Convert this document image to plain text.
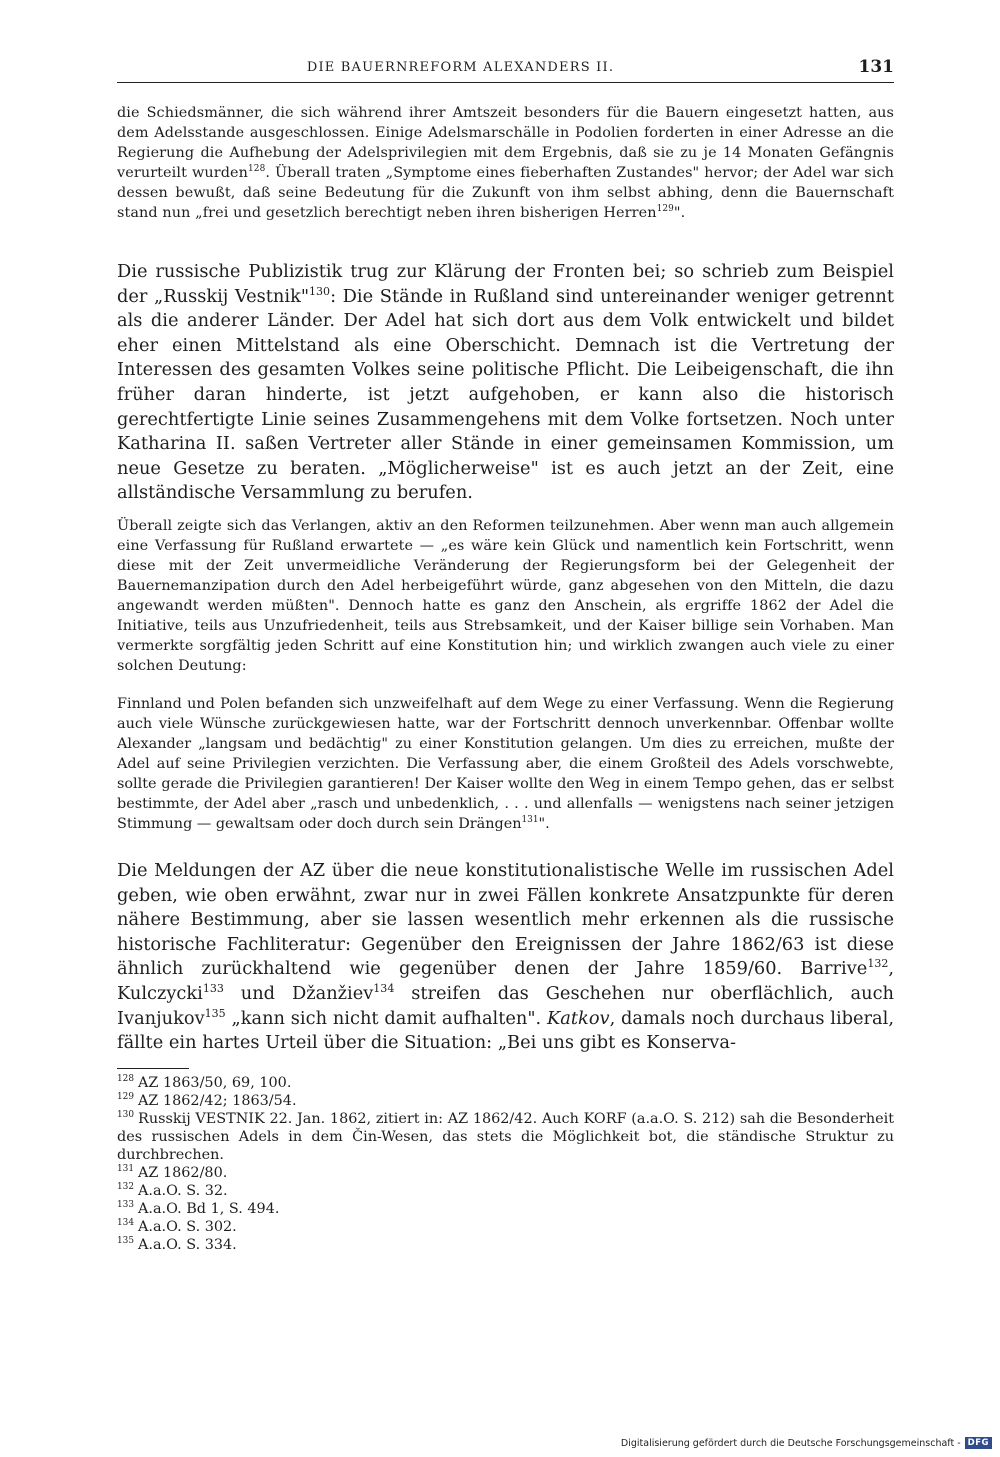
DIE BAUERNREFORM ALEXANDERS II.	131

die Schiedsmänner, die sich während ihrer Amtszeit besonders für die Bauern eingesetzt hatten, aus dem Adelsstande ausgeschlossen. Einige Adelsmarschälle in Podolien forderten in einer Adresse an die Regierung die Aufhebung der Adelsprivilegien mit dem Ergebnis, daß sie zu je 14 Monaten Gefängnis verurteilt wurden$^{128}$. Überall traten „Symptome eines fieberhaften Zustandes" hervor; der Adel war sich dessen bewußt, daß seine Bedeutung für die Zukunft von ihm selbst abhing, denn die Bauernschaft stand nun „frei und gesetzlich berechtigt neben ihren bisherigen Herren$^{129}$".

Die russische Publizistik trug zur Klärung der Fronten bei; so schrieb zum Beispiel der „Russkij Vestnik"$^{130}$: Die Stände in Rußland sind untereinander weniger getrennt als die anderer Länder. Der Adel hat sich dort aus dem Volk entwickelt und bildet eher einen Mittelstand als eine Oberschicht. Demnach ist die Vertretung der Interessen des gesamten Volkes seine politische Pflicht. Die Leibeigenschaft, die ihn früher daran hinderte, ist jetzt aufgehoben, er kann also die historisch gerechtfertigte Linie seines Zusammengehens mit dem Volke fortsetzen. Noch unter Katharina II. saßen Vertreter aller Stände in einer gemeinsamen Kommission, um neue Gesetze zu beraten. „Möglicherweise" ist es auch jetzt an der Zeit, eine allständische Versammlung zu berufen.

Überall zeigte sich das Verlangen, aktiv an den Reformen teilzunehmen. Aber wenn man auch allgemein eine Verfassung für Rußland erwartete — „es wäre kein Glück und namentlich kein Fortschritt, wenn diese mit der Zeit unvermeidliche Veränderung der Regierungsform bei der Gelegenheit der Bauernemanzipation durch den Adel herbeigeführt würde, ganz abgesehen von den Mitteln, die dazu angewandt werden müßten". Dennoch hatte es ganz den Anschein, als ergriffe 1862 der Adel die Initiative, teils aus Unzufriedenheit, teils aus Strebsamkeit, und der Kaiser billige sein Vorhaben. Man vermerkte sorgfältig jeden Schritt auf eine Konstitution hin; und wirklich zwangen auch viele zu einer solchen Deutung:

Finnland und Polen befanden sich unzweifelhaft auf dem Wege zu einer Verfassung. Wenn die Regierung auch viele Wünsche zurückgewiesen hatte, war der Fortschritt dennoch unverkennbar. Offenbar wollte Alexander „langsam und bedächtig" zu einer Konstitution gelangen. Um dies zu erreichen, mußte der Adel auf seine Privilegien verzichten. Die Verfassung aber, die einem Großteil des Adels vorschwebte, sollte gerade die Privilegien garantieren! Der Kaiser wollte den Weg in einem Tempo gehen, das er selbst bestimmte, der Adel aber „rasch und unbedenklich, . . . und allenfalls — wenigstens nach seiner jetzigen Stimmung — gewaltsam oder doch durch sein Drängen$^{131}$".

Die Meldungen der AZ über die neue konstitutionalistische Welle im russischen Adel geben, wie oben erwähnt, zwar nur in zwei Fällen konkrete Ansatzpunkte für deren nähere Bestimmung, aber sie lassen wesentlich mehr erkennen als die russische historische Fachliteratur: Gegenüber den Ereignissen der Jahre 1862/63 ist diese ähnlich zurückhaltend wie gegenüber denen der Jahre 1859/60. Barrive$^{132}$, Kulczycki$^{133}$ und Džanžiev$^{134}$ streifen das Geschehen nur oberflächlich, auch Ivanjukov$^{135}$ „kann sich nicht damit aufhalten". Katkov, damals noch durchaus liberal, fällte ein hartes Urteil über die Situation: „Bei uns gibt es Konserva-

$^{128}$ AZ 1863/50, 69, 100.
$^{129}$ AZ 1862/42; 1863/54.
$^{130}$ Russkij VESTNIK 22. Jan. 1862, zitiert in: AZ 1862/42. Auch KORF (a.a.O. S. 212) sah die Besonderheit des russischen Adels in dem Čin-Wesen, das stets die Möglichkeit bot, die ständische Struktur zu durchbrechen.
$^{131}$ AZ 1862/80.
$^{132}$ A.a.O. S. 32.
$^{133}$ A.a.O. Bd 1, S. 494.
$^{134}$ A.a.O. S. 302.
$^{135}$ A.a.O. S. 334.
Digitalisierung gefördert durch die Deutsche Forschungsgemeinschaft - DFG
